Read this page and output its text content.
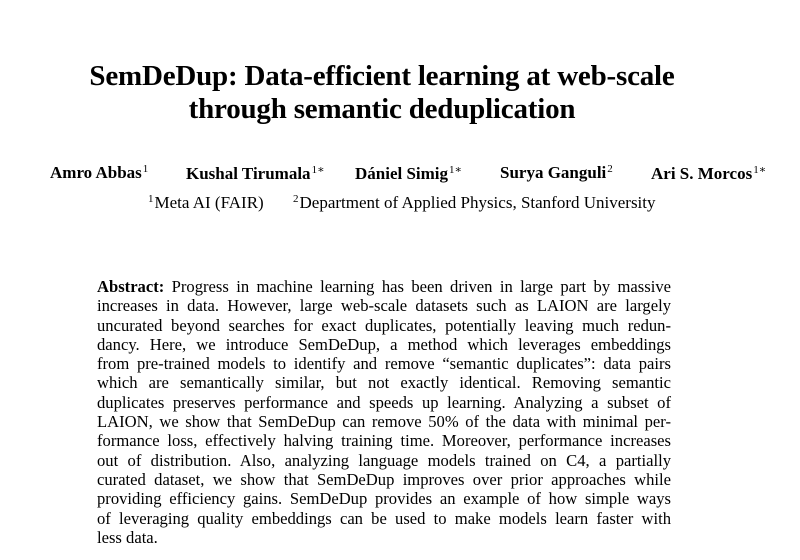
SemDeDup: Data-efficient learning at web-scale
through semantic deduplication
Amro Abbas$^1$ Kushal Tirumala$^{1∗}$ Dániel Simig$^{1∗}$ Surya Ganguli$^2$ Ari S. Morcos$^{1∗}$
$^1$Meta AI (FAIR)	$^2$Department of Applied Physics, Stanford University
Abstract: Progress in machine learning has been driven in large part by massive
increases in data. However, large web-scale datasets such as LAION are largely
uncurated beyond searches for exact duplicates, potentially leaving much redun-
dancy. Here, we introduce SemDeDup, a method which leverages embeddings
from pre-trained models to identify and remove “semantic duplicates”: data pairs
which are semantically similar, but not exactly identical. Removing semantic
duplicates preserves performance and speeds up learning. Analyzing a subset of
LAION, we show that SemDeDup can remove 50% of the data with minimal per-
formance loss, effectively halving training time. Moreover, performance increases
out of distribution. Also, analyzing language models trained on C4, a partially
curated dataset, we show that SemDeDup improves over prior approaches while
providing efficiency gains. SemDeDup provides an example of how simple ways
of leveraging quality embeddings can be used to make models learn faster with
less data.
